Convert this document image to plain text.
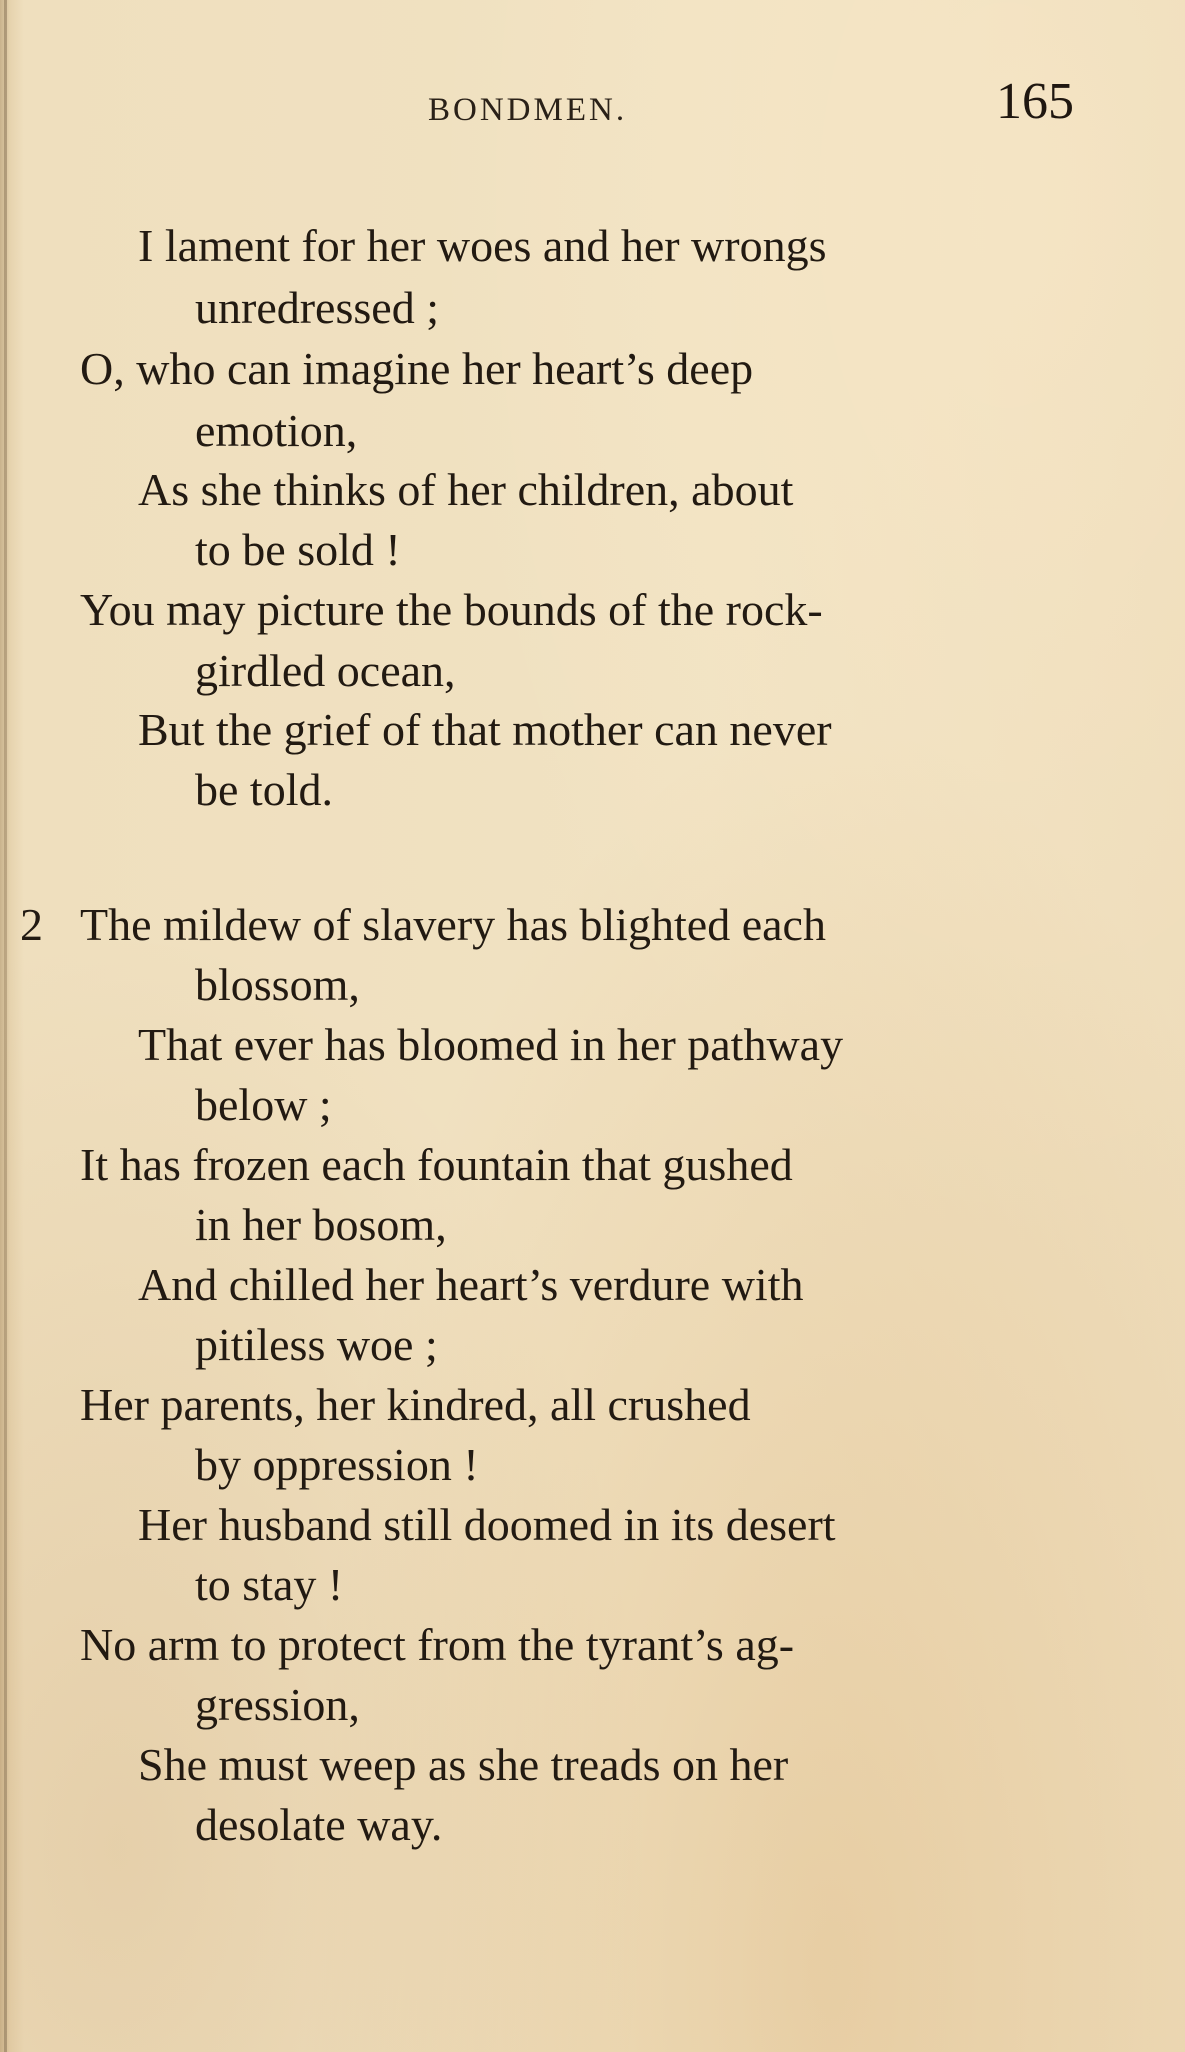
BONDMEN.	165
I lament for her woes and her wrongs
unredressed ;
O, who can imagine her heart’s deep
emotion,
As she thinks of her children, about
to be sold !
You may picture the bounds of the rock-
girdled ocean,
But the grief of that mother can never
be told.
2 The mildew of slavery has blighted each
blossom,
That ever has bloomed in her pathway
below ;
It has frozen each fountain that gushed
in her bosom,
And chilled her heart’s verdure with
pitiless woe ;
Her parents, her kindred, all crushed
by oppression !
Her husband still doomed in its desert
to stay !
No arm to protect from the tyrant’s ag-
gression,
She must weep as she treads on her
desolate way.
